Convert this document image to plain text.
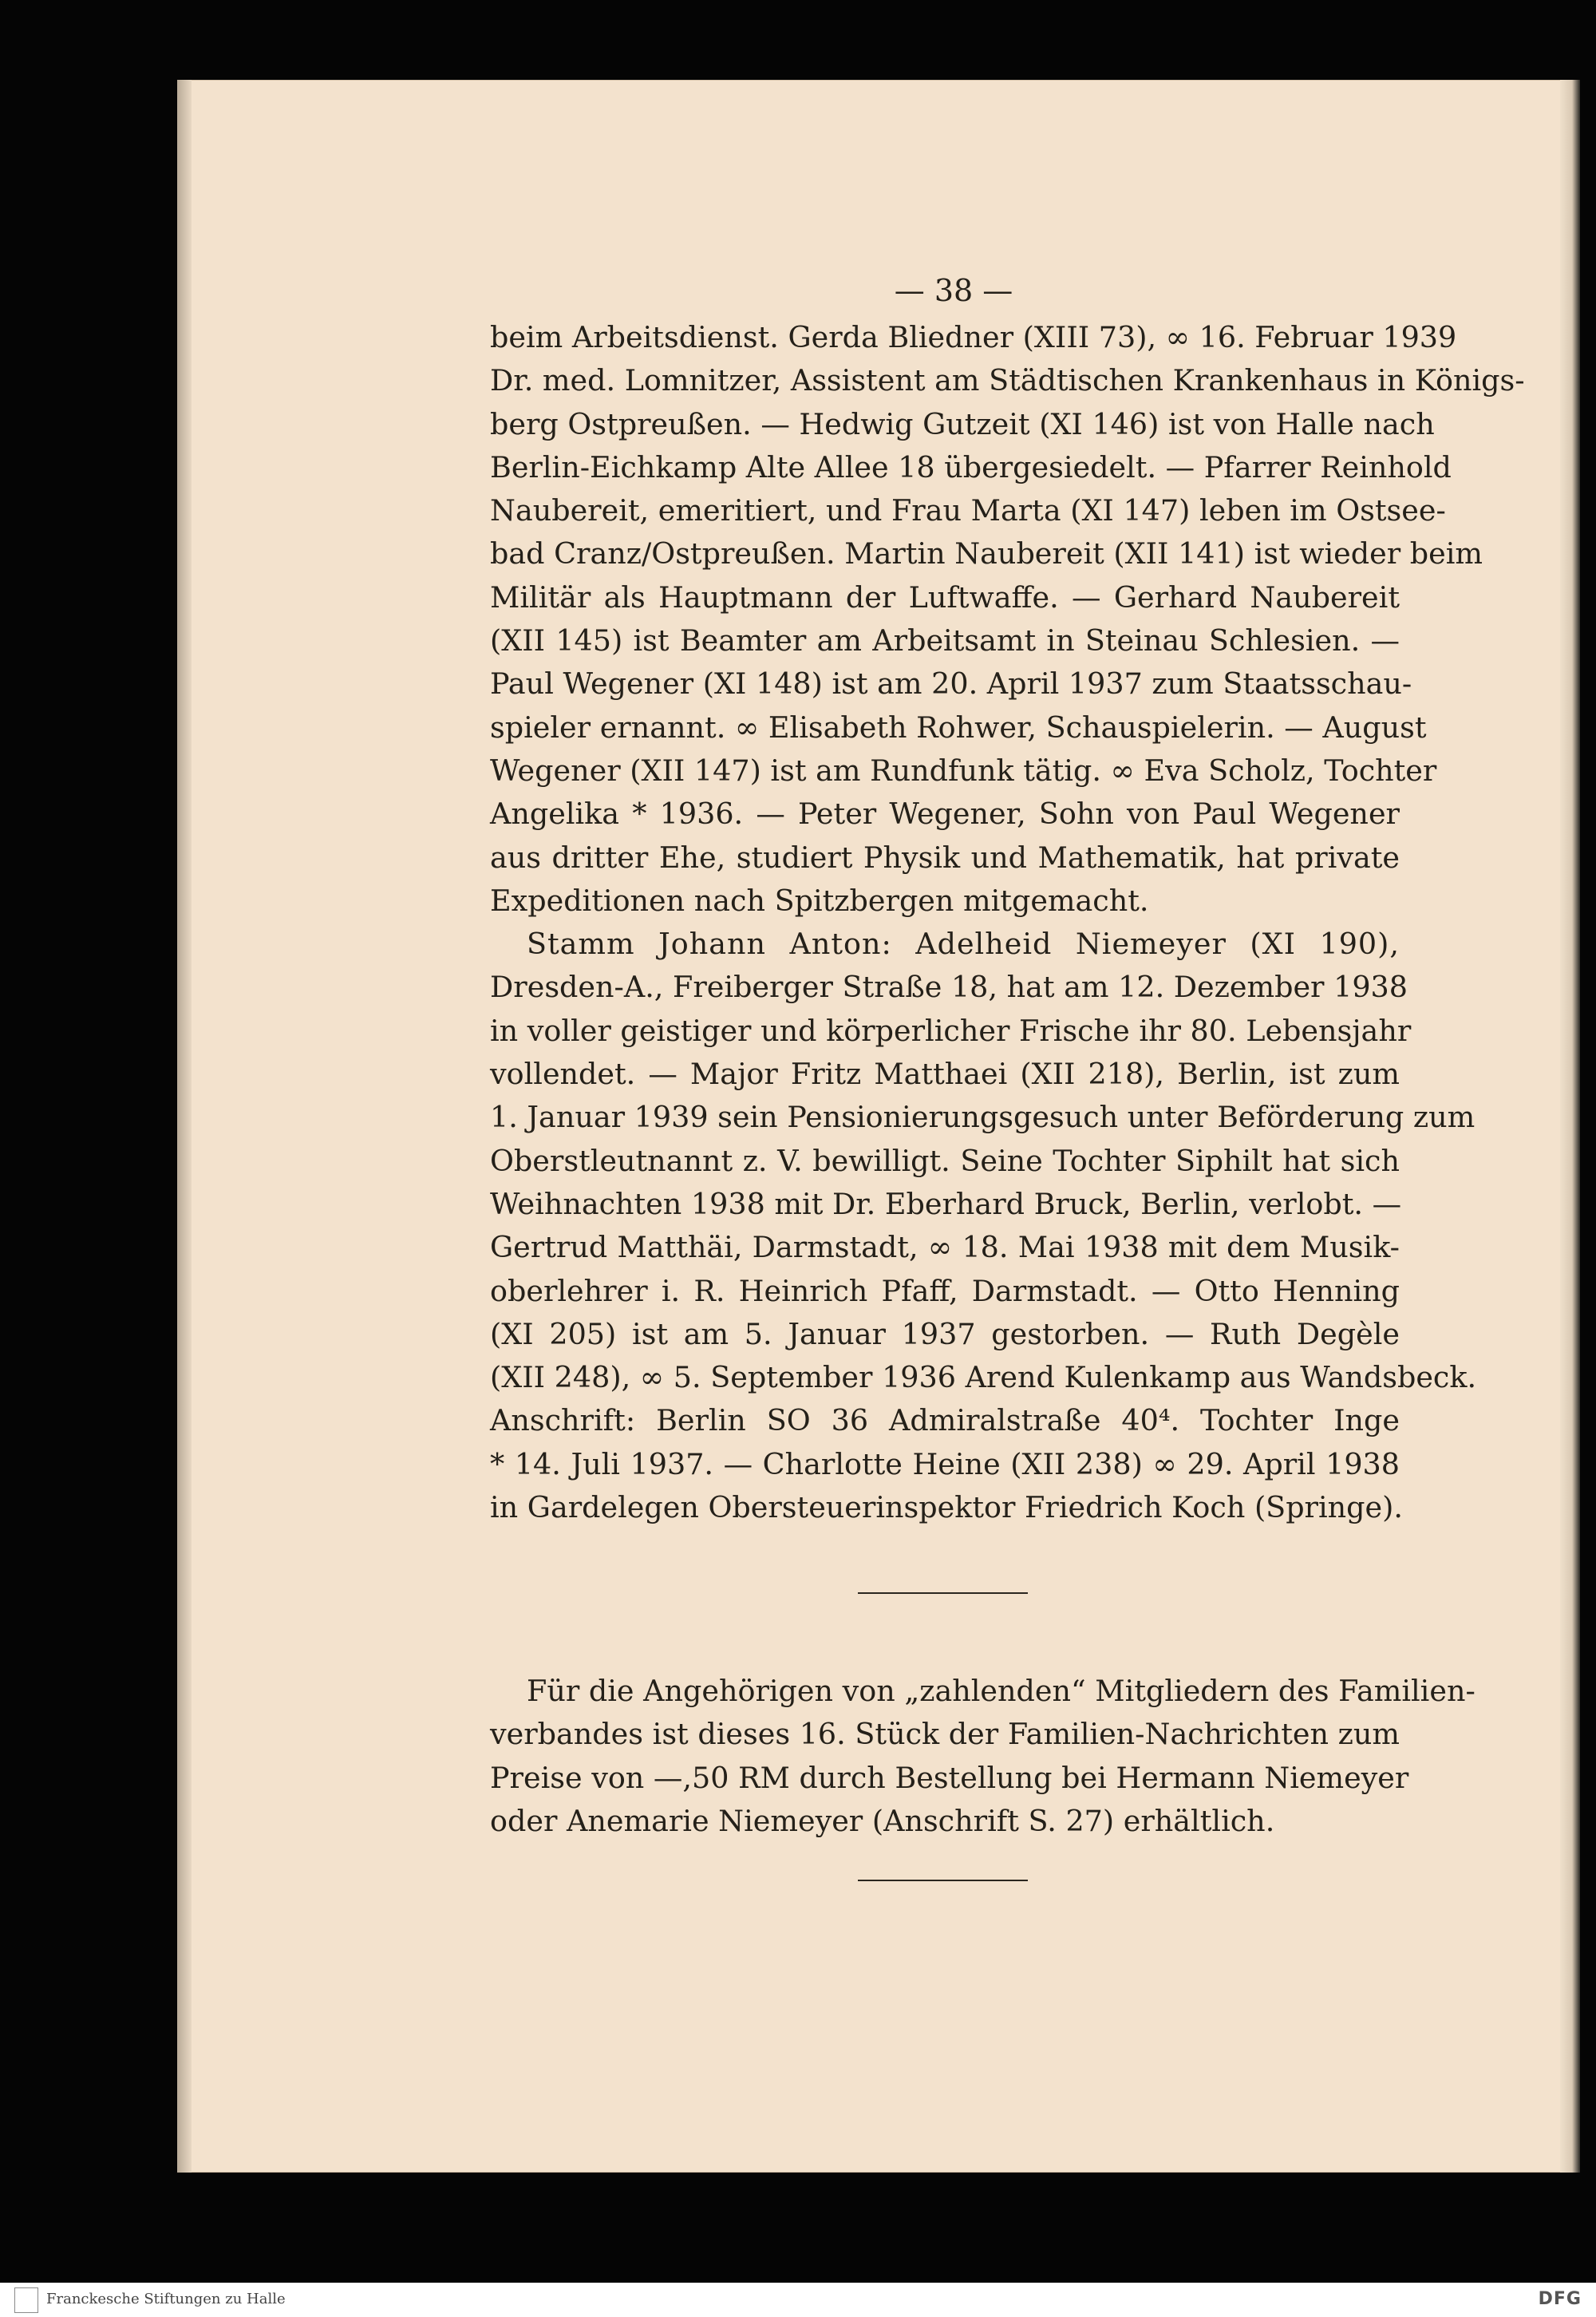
— 38 —

beim Arbeitsdienst. Gerda Bliedner (XIII 73), ∞ 16. Februar 1939
Dr. med. Lomnitzer, Assistent am Städtischen Krankenhaus in Königs-
berg Ostpreußen. — Hedwig Gutzeit (XI 146) ist von Halle nach
Berlin-Eichkamp Alte Allee 18 übergesiedelt. — Pfarrer Reinhold
Naubereit, emeritiert, und Frau Marta (XI 147) leben im Ostsee-
bad Cranz/Ostpreußen. Martin Naubereit (XII 141) ist wieder beim
Militär als Hauptmann der Luftwaffe. — Gerhard Naubereit
(XII 145) ist Beamter am Arbeitsamt in Steinau Schlesien. —
Paul Wegener (XI 148) ist am 20. April 1937 zum Staatsschau-
spieler ernannt. ∞ Elisabeth Rohwer, Schauspielerin. — August
Wegener (XII 147) ist am Rundfunk tätig. ∞ Eva Scholz, Tochter
Angelika * 1936. — Peter Wegener, Sohn von Paul Wegener
aus dritter Ehe, studiert Physik und Mathematik, hat private
Expeditionen nach Spitzbergen mitgemacht.

Stamm Johann Anton: Adelheid Niemeyer (XI 190),
Dresden-A., Freiberger Straße 18, hat am 12. Dezember 1938
in voller geistiger und körperlicher Frische ihr 80. Lebensjahr
vollendet. — Major Fritz Matthaei (XII 218), Berlin, ist zum
1. Januar 1939 sein Pensionierungsgesuch unter Beförderung zum
Oberstleutnannt z. V. bewilligt. Seine Tochter Siphilt hat sich
Weihnachten 1938 mit Dr. Eberhard Bruck, Berlin, verlobt. —
Gertrud Matthäi, Darmstadt, ∞ 18. Mai 1938 mit dem Musik-
oberlehrer i. R. Heinrich Pfaff, Darmstadt. — Otto Henning
(XI 205) ist am 5. Januar 1937 gestorben. — Ruth Degèle
(XII 248), ∞ 5. September 1936 Arend Kulenkamp aus Wandsbeck.
Anschrift: Berlin SO 36 Admiralstraße 40⁴. Tochter Inge
* 14. Juli 1937. — Charlotte Heine (XII 238) ∞ 29. April 1938
in Gardelegen Obersteuerinspektor Friedrich Koch (Springe).

Für die Angehörigen von „zahlenden“ Mitgliedern des Familien-
verbandes ist dieses 16. Stück der Familien-Nachrichten zum
Preise von —,50 RM durch Bestellung bei Hermann Niemeyer
oder Anemarie Niemeyer (Anschrift S. 27) erhältlich.

Franckesche Stiftungen zu Halle	DFG
